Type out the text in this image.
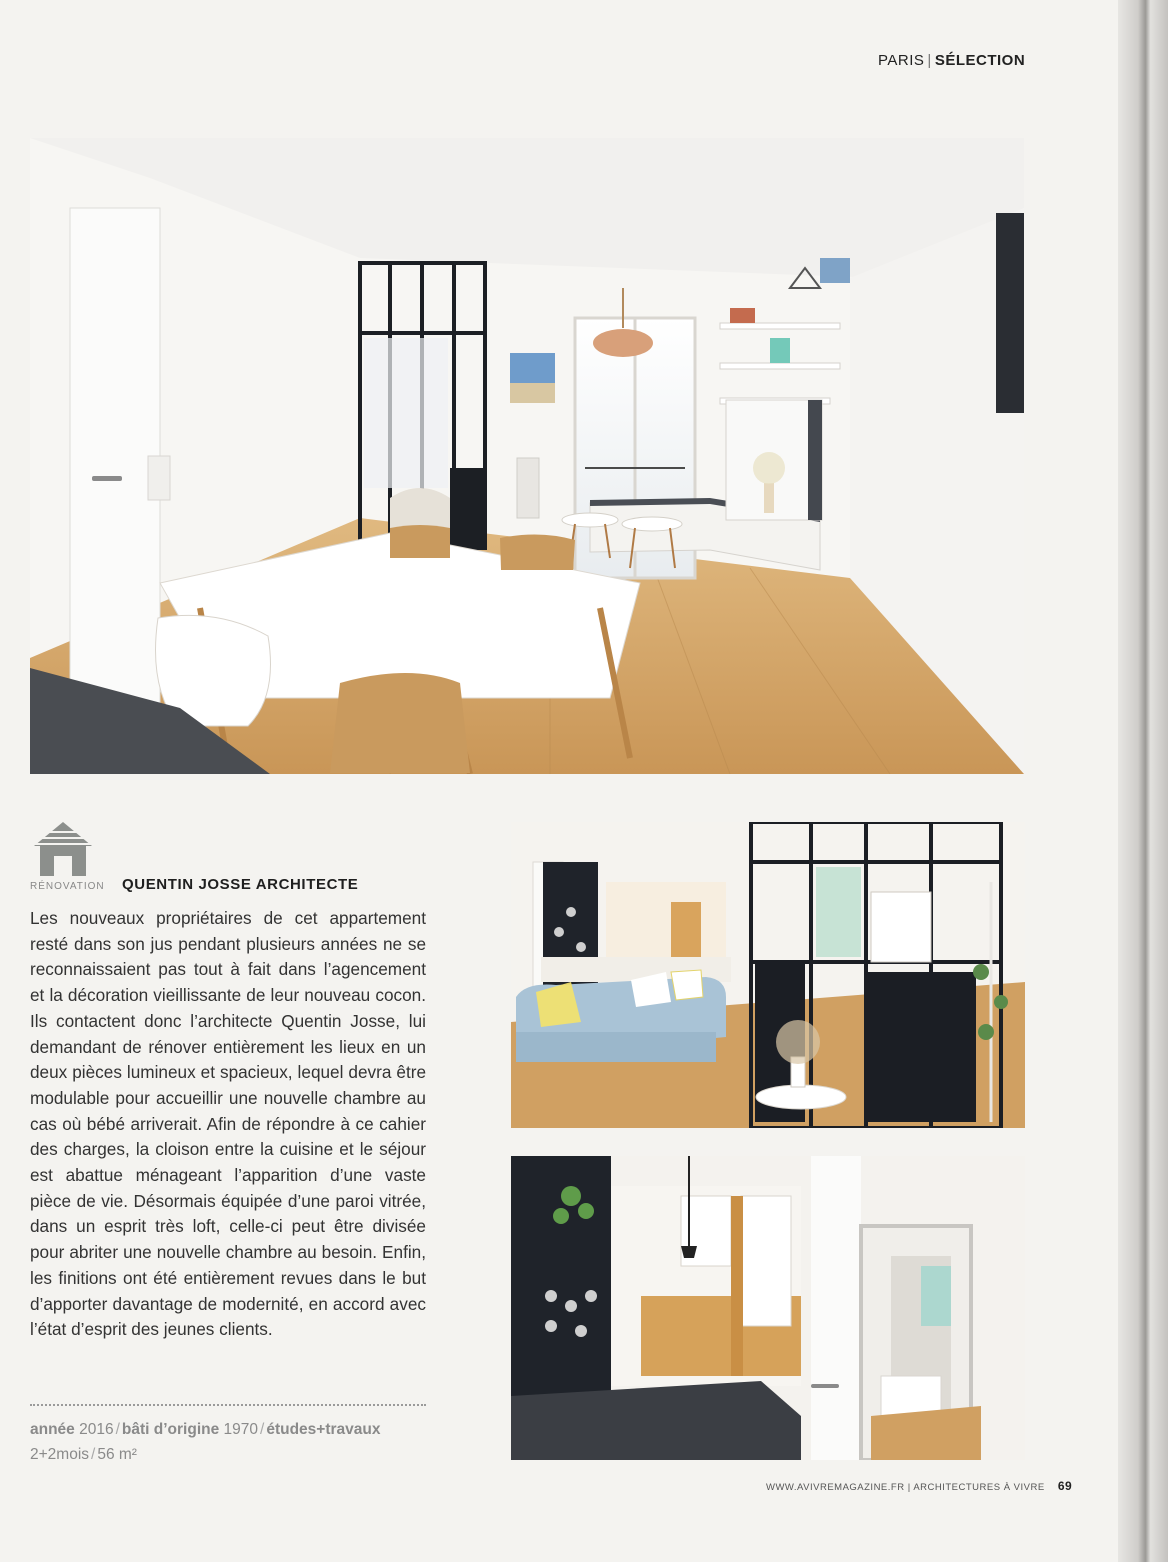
PARIS | SÉLECTION
RÉNOVATION QUENTIN JOSSE ARCHITECTE

Les nouveaux propriétaires de cet appartement resté dans son jus pendant plusieurs années ne se reconnaissaient pas tout à fait dans l’agencement et la décoration vieillissante de leur nouveau cocon. Ils contactent donc l’architecte Quentin Josse, lui demandant de rénover entièrement les lieux en un deux pièces lumineux et spacieux, lequel devra être modulable pour accueillir une nouvelle chambre au cas où bébé arriverait. Afin de répondre à ce cahier des charges, la cloison entre la cuisine et le séjour est abattue ménageant l’apparition d’une vaste pièce de vie. Désormais équipée d’une paroi vitrée, dans un esprit très loft, celle-ci peut être divisée pour abriter une nouvelle chambre au besoin. Enfin, les finitions ont été entièrement revues dans le but d’apporter davantage de modernité, en accord avec l’état d’esprit des jeunes clients.

année 2016 / bâti d’origine 1970 / études+travaux
2+2mois / 56 m²
WWW.AVIVREMAGAZINE.FR | ARCHITECTURES À VIVRE 69
